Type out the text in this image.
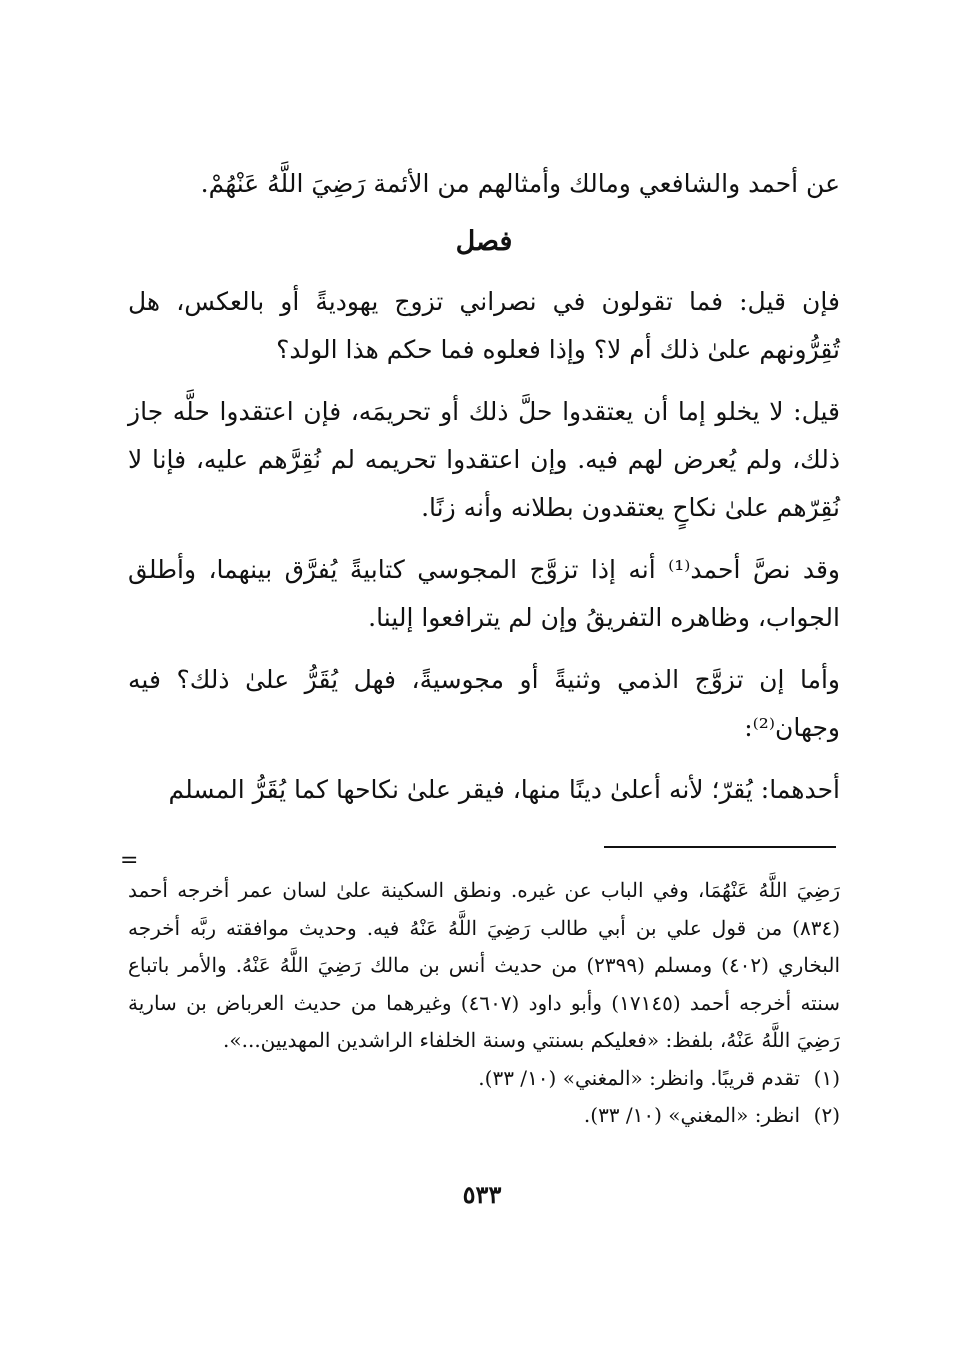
عن أحمد والشافعي ومالك وأمثالهم من الأئمة رَضِيَ اللَّهُ عَنْهُمْ.

فصل

فإن قيل: فما تقولون في نصراني تزوج يهوديةً أو بالعكس، هل تُقِرُّونهم علىٰ ذلك أم لا؟ وإذا فعلوه فما حكم هذا الولد؟

قيل: لا يخلو إما أن يعتقدوا حلَّ ذلك أو تحريمَه، فإن اعتقدوا حلَّه جاز ذلك، ولم يُعرض لهم فيه. وإن اعتقدوا تحريمه لم نُقِرَّهم عليه، فإنا لا نُقِرّهم علىٰ نكاحٍ يعتقدون بطلانه وأنه زنًا.

وقد نصَّ أحمد⁽¹⁾ أنه إذا تزوَّج المجوسي كتابيةً يُفرَّق بينهما، وأطلق الجواب، وظاهره التفريقُ وإن لم يترافعوا إلينا.

وأما إن تزوَّج الذمي وثنيةً أو مجوسيةً، فهل يُقَرُّ علىٰ ذلك؟ فيه وجهان⁽²⁾:

أحدهما: يُقرّ؛ لأنه أعلىٰ دينًا منها، فيقر علىٰ نكاحها كما يُقَرُّ المسلم

=

رَضِيَ اللَّهُ عَنْهُمَا، وفي الباب عن غيره. ونطق السكينة علىٰ لسان عمر أخرجه أحمد (٨٣٤) من قول علي بن أبي طالب رَضِيَ اللَّهُ عَنْهُ فيه. وحديث موافقته ربَّه أخرجه البخاري (٤٠٢) ومسلم (٢٣٩٩) من حديث أنس بن مالك رَضِيَ اللَّهُ عَنْهُ. والأمر باتباع سنته أخرجه أحمد (١٧١٤٥) وأبو داود (٤٦٠٧) وغيرهما من حديث العرباض بن سارية رَضِيَ اللَّهُ عَنْهُ، بلفظ: «فعليكم بسنتي وسنة الخلفاء الراشدين المهديين...».

(١)
تقدم قريبًا. وانظر: «المغني» (١٠/ ٣٣).

(٢)
انظر: «المغني» (١٠/ ٣٣).

٥٣٣
